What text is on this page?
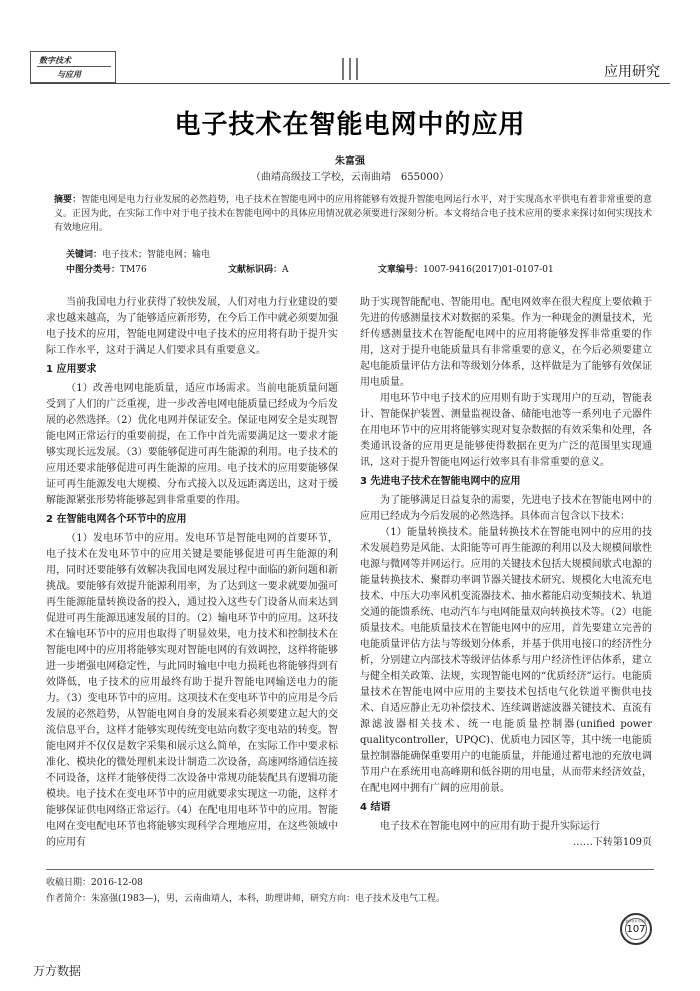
数字技术
与应用	应用研究
电子技术在智能电网中的应用
朱富强
（曲靖高级技工学校，云南曲靖　655000）
摘要：智能电网是电力行业发展的必然趋势，电子技术在智能电网中的应用将能够有效提升智能电网运行水平，对于实现高水平供电有着非常重要的意义。正因为此，在实际工作中对于电子技术在智能电网中的具体应用情况就必须要进行深刻分析。本文将结合电子技术应用的要求来探讨如何实现技术有效地应用。
关键词：电子技术；智能电网；输电
中图分类号：TM76	文献标识码：A	文章编号：1007-9416(2017)01-0107-01

当前我国电力行业获得了较快发展，人们对电力行业建设的要求也越来越高，为了能够适应新形势，在今后工作中就必须要加强电子技术的应用，智能电网建设中电子技术的应用将有助于提升实际工作水平，这对于满足人们要求具有重要意义。

1 应用要求

（1）改善电网电能质量，适应市场需求。当前电能质量问题受到了人们的广泛重视，进一步改善电网电能质量已经成为今后发展的必然选择。（2）优化电网并保证安全。保证电网安全是实现智能电网正常运行的重要前提，在工作中首先需要满足这一要求才能够实现长远发展。（3）要能够促进可再生能源的利用。电子技术的应用还要求能够促进可再生能源的应用。电子技术的应用要能够保证可再生能源发电大规模、分布式接入以及远距离送出，这对于缓解能源紧张形势将能够起到非常重要的作用。

2 在智能电网各个环节中的应用

（1）发电环节中的应用。发电环节是智能电网的首要环节，电子技术在发电环节中的应用关键是要能够促进可再生能源的利用，同时还要能够有效解决我国电网发展过程中面临的新问题和新挑战。要能够有效提升能源利用率，为了达到这一要求就要加强可再生能源能量转换设备的投入，通过投入这些专门设备从而来达到促进可再生能源迅速发展的目的。（2）输电环节中的应用。这环技术在输电环节中的应用也取得了明显效果，电力技术和控制技术在智能电网中的应用将能够实现对智能电网的有效调控，这样将能够进一步增强电网稳定性，与此同时输电中电力损耗也将能够得到有效降低，电子技术的应用最终有助于提升智能电网输送电力的能力。（3）变电环节中的应用。这项技术在变电环节中的应用是今后发展的必然趋势，从智能电网自身的发展来看必须要建立起大的交流信息平台，这样才能够实现传统变电站向数字变电站的转变。智能电网并不仅仅是数字采集和展示这么简单，在实际工作中要求标准化、模块化的微处理机来设计制造二次设备，高速网络通信连接不同设备，这样才能够使得二次设备中常规功能装配具有逻辑功能模块。电子技术在变电环节中的应用就要求实现这一功能，这样才能够保证供电网络正常运行。（4）在配电用电环节中的应用。智能电网在变电配电环节也将能够实现科学合理地应用，在这些领域中的应用有

助于实现智能配电、智能用电。配电网效率在很大程度上要依赖于先进的传感测量技术对数据的采集。作为一种现金的测量技术，光纤传感测量技术在智能配电网中的应用将能够发挥非常重要的作用，这对于提升电能质量具有非常重要的意义，在今后必须要建立起电能质量评估方法和等级划分体系，这样做是为了能够有效保证用电质量。

用电环节中电子技术的应用则有助于实现用户的互动，智能表计、智能保护装置、测量监视设备、储能电池等一系列电子元器件在用电环节中的应用将能够实现对复杂数据的有效采集和处理，各类通讯设备的应用更是能够使得数据在更为广泛的范围里实现通讯，这对于提升智能电网运行效率具有非常重要的意义。

3 先进电子技术在智能电网中的应用

为了能够满足日益复杂的需要，先进电子技术在智能电网中的应用已经成为今后发展的必然选择。具体而言包含以下技术：

（1）能量转换技术。能量转换技术在智能电网中的应用的技术发展趋势是风能、太阳能等可再生能源的利用以及大规模间歇性电源与微网等并网运行。应用的关键技术包括大规模间歇式电源的能量转换技术、聚群功率调节器关键技术研究、规模化大电流充电技术、中压大功率风机变流器技术、抽水蓄能启动变频技术、轨道交通的能馈系统、电动汽车与电网能量双向转换技术等。（2）电能质量技术。电能质量技术在智能电网中的应用，首先要建立完善的电能质量评估方法与等级划分体系，并基于供用电接口的经济性分析，分别建立内部技术等级评估体系与用户经济性评估体系，建立与健全相关政策、法规，实现智能电网的“优质经济”运行。电能质量技术在智能电网中应用的主要技术包括电气化铁道平衡供电技术、自适应静止无功补偿技术、连续调谐滤波器关键技术、直流有源滤波器相关技术、统一电能质量控制器(unified power qualitycontroller，UPQC)、优质电力园区等，其中统一电能质量控制器能确保重要用户的电能质量，并能通过蓄电池的充放电调节用户在系统用电高峰期和低谷期的用电量，从而带来经济效益，在配电网中拥有广阔的应用前景。

4 结语

电子技术在智能电网中的应用有助于提升实际运行

……下转第109页

收稿日期：2016-12-08
作者简介：朱富强(1983—)，男，云南曲靖人，本科，助理讲师，研究方向：电子技术及电气工程。
数字技术与应用
107
万方数据
